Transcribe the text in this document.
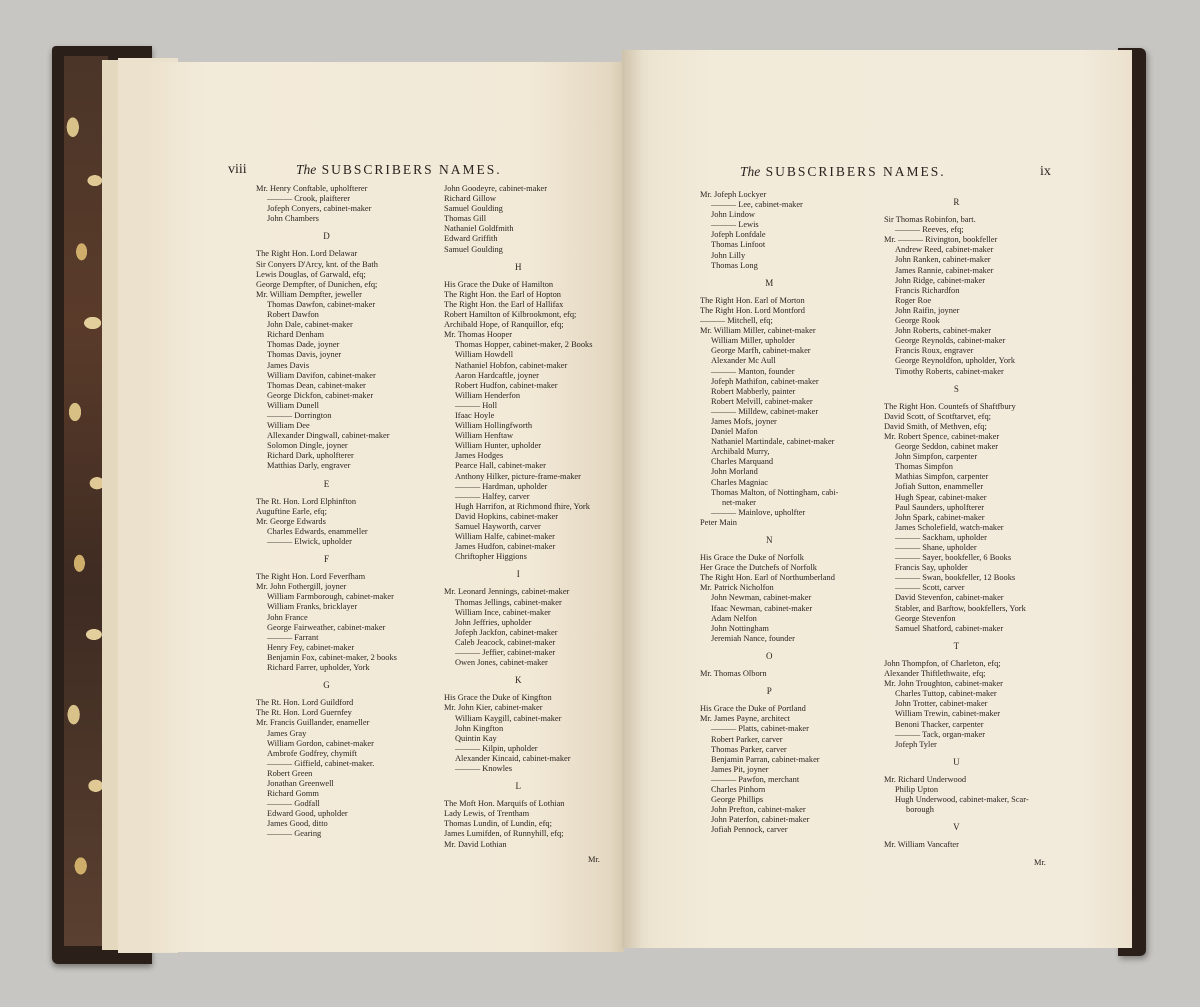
viii	The SUBSCRIBERS NAMES.
Mr. Henry Conftable, upholfterer
——— Crook, plaifterer
Jofeph Conyers, cabinet-maker
John Chambers
D
The Right Hon. Lord Delawar
Sir Conyers D'Arcy, knt. of the Bath
Lewis Douglas, of Garwald, efq;
George Dempfter, of Dunichen, efq;
Mr. William Dempfter, jeweller
Thomas Dawfon, cabinet-maker
Robert Dawfon
John Dale, cabinet-maker
Richard Denham
Thomas Dade, joyner
Thomas Davis, joyner
James Davis
William Davifon, cabinet-maker
Thomas Dean, cabinet-maker
George Dickfon, cabinet-maker
William Dunell
——— Dorrington
William Dee
Allexander Dingwall, cabinet-maker
Solomon Dingle, joyner
Richard Dark, upholfterer
Matthias Darly, engraver
E
The Rt. Hon. Lord Elphinfton
Auguftine Earle, efq;
Mr. George Edwards
Charles Edwards, enammeller
——— Elwick, upholder
F
The Right Hon. Lord Feverfham
Mr. John Fothergill, joyner
William Farmborough, cabinet-maker
William Franks, bricklayer
John France
George Fairweather, cabinet-maker
——— Farrant
Henry Fey, cabinet-maker
Benjamin Fox, cabinet-maker, 2 books
Richard Farrer, upholder, York
G
The Rt. Hon. Lord Guildford
The Rt. Hon. Lord Guernfey
Mr. Francis Guillander, enameller
James Gray
William Gordon, cabinet-maker
Ambrofe Godfrey, chymift
——— Giffield, cabinet-maker.
Robert Green
Jonathan Greenwell
Richard Gomm
——— Godfall
Edward Good, upholder
James Good, ditto
——— Gearing
John Goodeyre, cabinet-maker
Richard Gillow
Samuel Goulding
Thomas Gill
Nathaniel Goldfmith
Edward Griffith
Samuel Goulding
H
His Grace the Duke of Hamilton
The Right Hon. the Earl of Hopton
The Right Hon. the Earl of Hallifax
Robert Hamilton of Kilbrookmont, efq;
Archibald Hope, of Ranquillor, efq;
Mr. Thomas Hooper
Thomas Hopper, cabinet-maker, 2 Books
William Howdell
Nathaniel Hobfon, cabinet-maker
Aaron Hardcaftle, joyner
Robert Hudfon, cabinet-maker
William Henderfon
——— Holl
Ifaac Hoyle
William Hollingfworth
William Henftaw
William Hunter, upholder
James Hodges
Pearce Hall, cabinet-maker
Anthony Hilker, picture-frame-maker
——— Hardman, upholder
——— Halfey, carver
Hugh Harrifon, at Richmond fhire, York
David Hopkins, cabinet-maker
Samuel Hayworth, carver
William Halfe, cabinet-maker
James Hudfon, cabinet-maker
Chriftopher Higgions
I
Mr. Leonard Jennings, cabinet-maker
Thomas Jellings, cabinet-maker
William Ince, cabinet-maker
John Jeffries, upholder
Jofeph Jackfon, cabinet-maker
Caleb Jeacock, cabinet-maker
——— Jeffier, cabinet-maker
Owen Jones, cabinet-maker
K
His Grace the Duke of Kingfton
Mr. John Kier, cabinet-maker
William Kaygill, cabinet-maker
John Kingfton
Quintin Kay
——— Kilpin, upholder
Alexander Kincaid, cabinet-maker
——— Knowles
L
The Moft Hon. Marquifs of Lothian
Lady Lewis, of Trentham
Thomas Lundin, of Lundin, efq;
James Lumifden, of Runnyhill, efq;
Mr. David Lothian
Mr.
The SUBSCRIBERS NAMES.	ix
Mr. Jofeph Lockyer
——— Lee, cabinet-maker
John Lindow
——— Lewis
Jofeph Lonfdale
Thomas Linfoot
John Lilly
Thomas Long
M
The Right Hon. Earl of Morton
The Right Hon. Lord Montford
——— Mitchell, efq;
Mr. William Miller, cabinet-maker
William Miller, upholder
George Marfh, cabinet-maker
Alexander Mc Aull
——— Manton, founder
Jofeph Mathifon, cabinet-maker
Robert Mabberly, painter
Robert Melvill, cabinet-maker
——— Milldew, cabinet-maker
James Mofs, joyner
Daniel Mafon
Nathaniel Martindale, cabinet-maker
Archibald Murry,
Charles Marquand
John Morland
Charles Magniac
Thomas Malton, of Nottingham, cabi-
net-maker
——— Mainlove, upholfter
Peter Main
N
His Grace the Duke of Norfolk
Her Grace the Dutchefs of Norfolk
The Right Hon. Earl of Northumberland
Mr. Patrick Nicholfon
John Newman, cabinet-maker
Ifaac Newman, cabinet-maker
Adam Nelfon
John Nottingham
Jeremiah Nance, founder
O
Mr. Thomas Olborn
P
His Grace the Duke of Portland
Mr. James Payne, architect
——— Platts, cabinet-maker
Robert Parker, carver
Thomas Parker, carver
Benjamin Parran, cabinet-maker
James Pit, joyner
——— Pawfon, merchant
Charles Pinhorn
George Phillips
John Prefton, cabinet-maker
John Paterfon, cabinet-maker
Jofiah Pennock, carver
R
Sir Thomas Robinfon, bart.
——— Reeves, efq;
Mr. ——— Rivington, bookfeller
Andrew Reed, cabinet-maker
John Ranken, cabinet-maker
James Rannie, cabinet-maker
John Ridge, cabinet-maker
Francis Richardfon
Roger Roe
John Raifin, joyner
George Rook
John Roberts, cabinet-maker
George Reynolds, cabinet-maker
Francis Roux, engraver
George Reynoldfon, upholder, York
Timothy Roberts, cabinet-maker
S
The Right Hon. Countefs of Shaftfbury
David Scott, of Scotftarvet, efq;
David Smith, of Methven, efq;
Mr. Robert Spence, cabinet-maker
George Seddon, cabinet maker
John Simpfon, carpenter
Thomas Simpfon
Mathias Simpfon, carpenter
Jofiah Sutton, enammeller
Hugh Spear, cabinet-maker
Paul Saunders, upholfterer
John Spark, cabinet-maker
James Scholefield, watch-maker
——— Sackham, upholder
——— Shane, upholder
——— Sayer, bookfeller, 6 Books
Francis Say, upholder
——— Swan, bookfeller, 12 Books
——— Scott, carver
David Stevenfon, cabinet-maker
Stabler, and Barftow, bookfellers, York
George Stevenfon
Samuel Shatford, cabinet-maker
T
John Thompfon, of Charleton, efq;
Alexander Thiftlethwaite, efq;
Mr. John Troughton, cabinet-maker
Charles Tuttop, cabinet-maker
John Trotter, cabinet-maker
William Trewin, cabinet-maker
Benoni Thacker, carpenter
——— Tack, organ-maker
Jofeph Tyler
U
Mr. Richard Underwood
Philip Upton
Hugh Underwood, cabinet-maker, Scar-
borough
V
Mr. William Vancafter
Mr.
